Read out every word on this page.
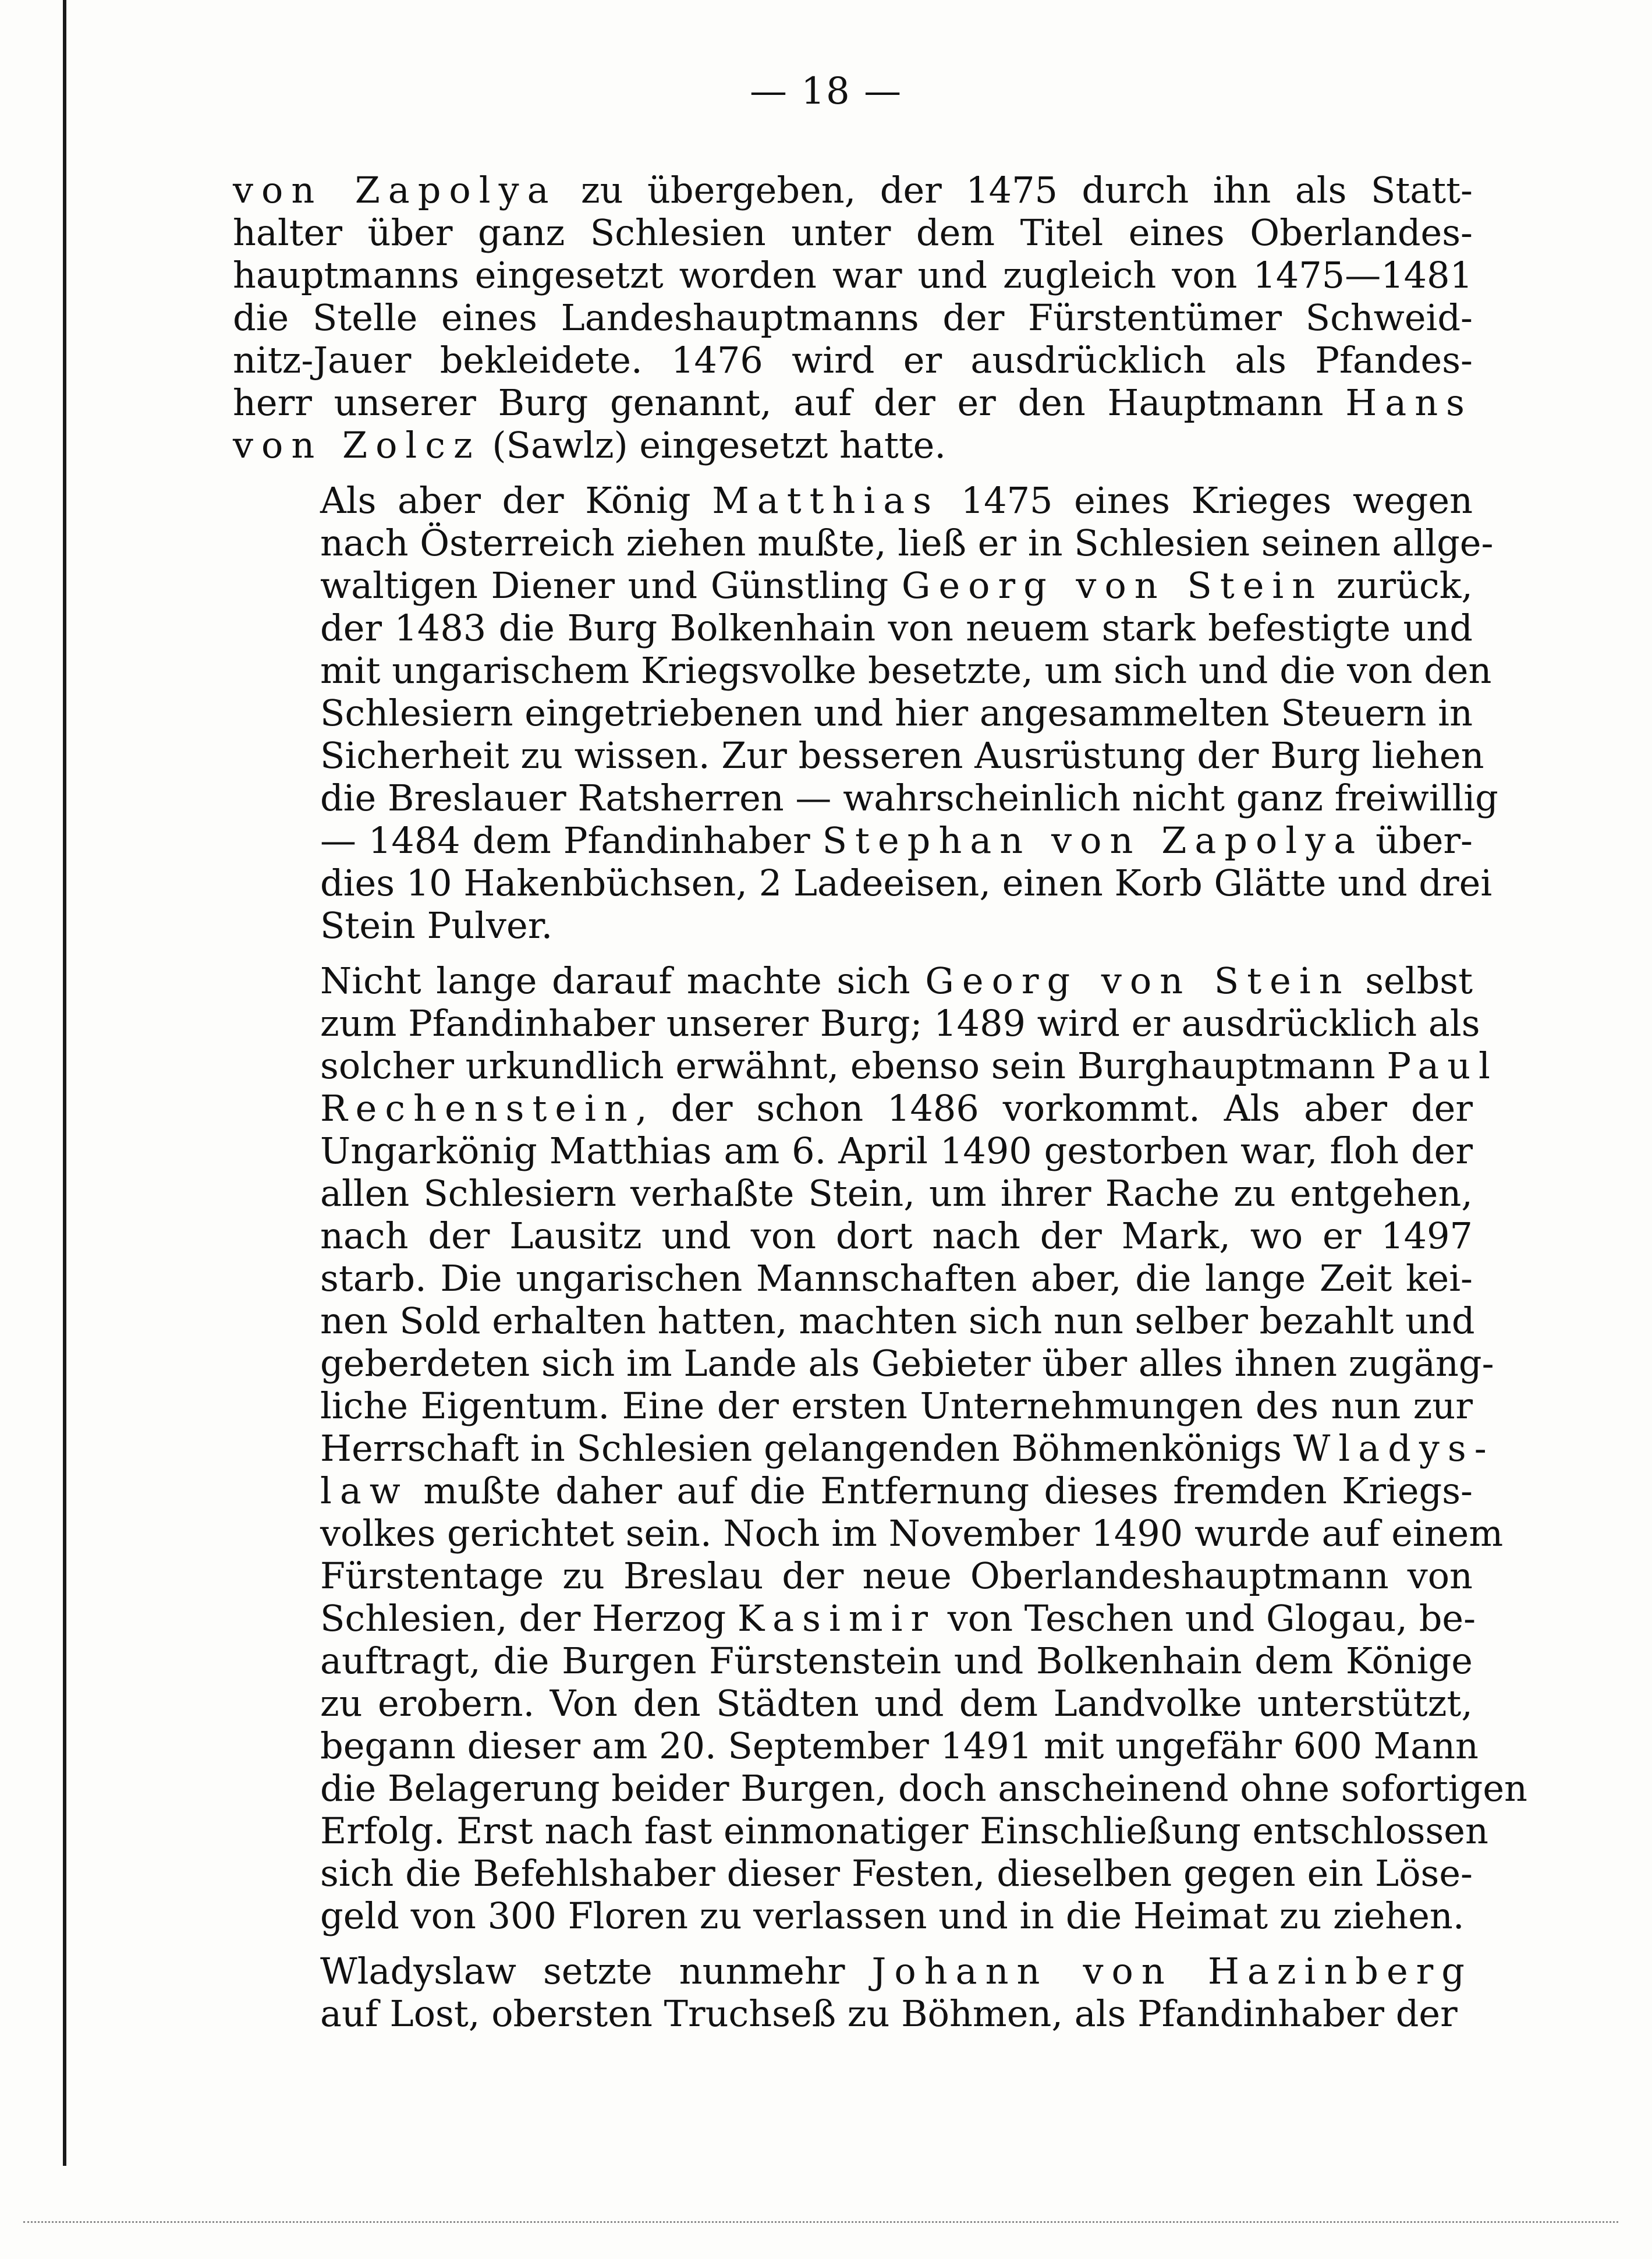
— 18 —

von Zapolya zu übergeben, der 1475 durch ihn als Statt-
halter über ganz Schlesien unter dem Titel eines Oberlandes-
hauptmanns eingesetzt worden war und zugleich von 1475—1481
die Stelle eines Landeshauptmanns der Fürstentümer Schweid-
nitz-Jauer bekleidete. 1476 wird er ausdrücklich als Pfandes-
herr unserer Burg genannt, auf der er den Hauptmann Hans
von Zolcz (Sawlz) eingesetzt hatte.

Als aber der König Matthias 1475 eines Krieges wegen
nach Österreich ziehen mußte, ließ er in Schlesien seinen allge-
waltigen Diener und Günstling Georg von Stein zurück,
der 1483 die Burg Bolkenhain von neuem stark befestigte und
mit ungarischem Kriegsvolke besetzte, um sich und die von den
Schlesiern eingetriebenen und hier angesammelten Steuern in
Sicherheit zu wissen. Zur besseren Ausrüstung der Burg liehen
die Breslauer Ratsherren — wahrscheinlich nicht ganz freiwillig
— 1484 dem Pfandinhaber Stephan von Zapolya über-
dies 10 Hakenbüchsen, 2 Ladeeisen, einen Korb Glätte und drei
Stein Pulver.

Nicht lange darauf machte sich Georg von Stein selbst
zum Pfandinhaber unserer Burg; 1489 wird er ausdrücklich als
solcher urkundlich erwähnt, ebenso sein Burghauptmann Paul
Rechenstein, der schon 1486 vorkommt. Als aber der
Ungarkönig Matthias am 6. April 1490 gestorben war, floh der
allen Schlesiern verhaßte Stein, um ihrer Rache zu entgehen,
nach der Lausitz und von dort nach der Mark, wo er 1497
starb. Die ungarischen Mannschaften aber, die lange Zeit kei-
nen Sold erhalten hatten, machten sich nun selber bezahlt und
geberdeten sich im Lande als Gebieter über alles ihnen zugäng-
liche Eigentum. Eine der ersten Unternehmungen des nun zur
Herrschaft in Schlesien gelangenden Böhmenkönigs Wladys-
law mußte daher auf die Entfernung dieses fremden Kriegs-
volkes gerichtet sein. Noch im November 1490 wurde auf einem
Fürstentage zu Breslau der neue Oberlandeshauptmann von
Schlesien, der Herzog Kasimir von Teschen und Glogau, be-
auftragt, die Burgen Fürstenstein und Bolkenhain dem Könige
zu erobern. Von den Städten und dem Landvolke unterstützt,
begann dieser am 20. September 1491 mit ungefähr 600 Mann
die Belagerung beider Burgen, doch anscheinend ohne sofortigen
Erfolg. Erst nach fast einmonatiger Einschließung entschlossen
sich die Befehlshaber dieser Festen, dieselben gegen ein Löse-
geld von 300 Floren zu verlassen und in die Heimat zu ziehen.

Wladyslaw setzte nunmehr Johann von Hazinberg
auf Lost, obersten Truchseß zu Böhmen, als Pfandinhaber der
